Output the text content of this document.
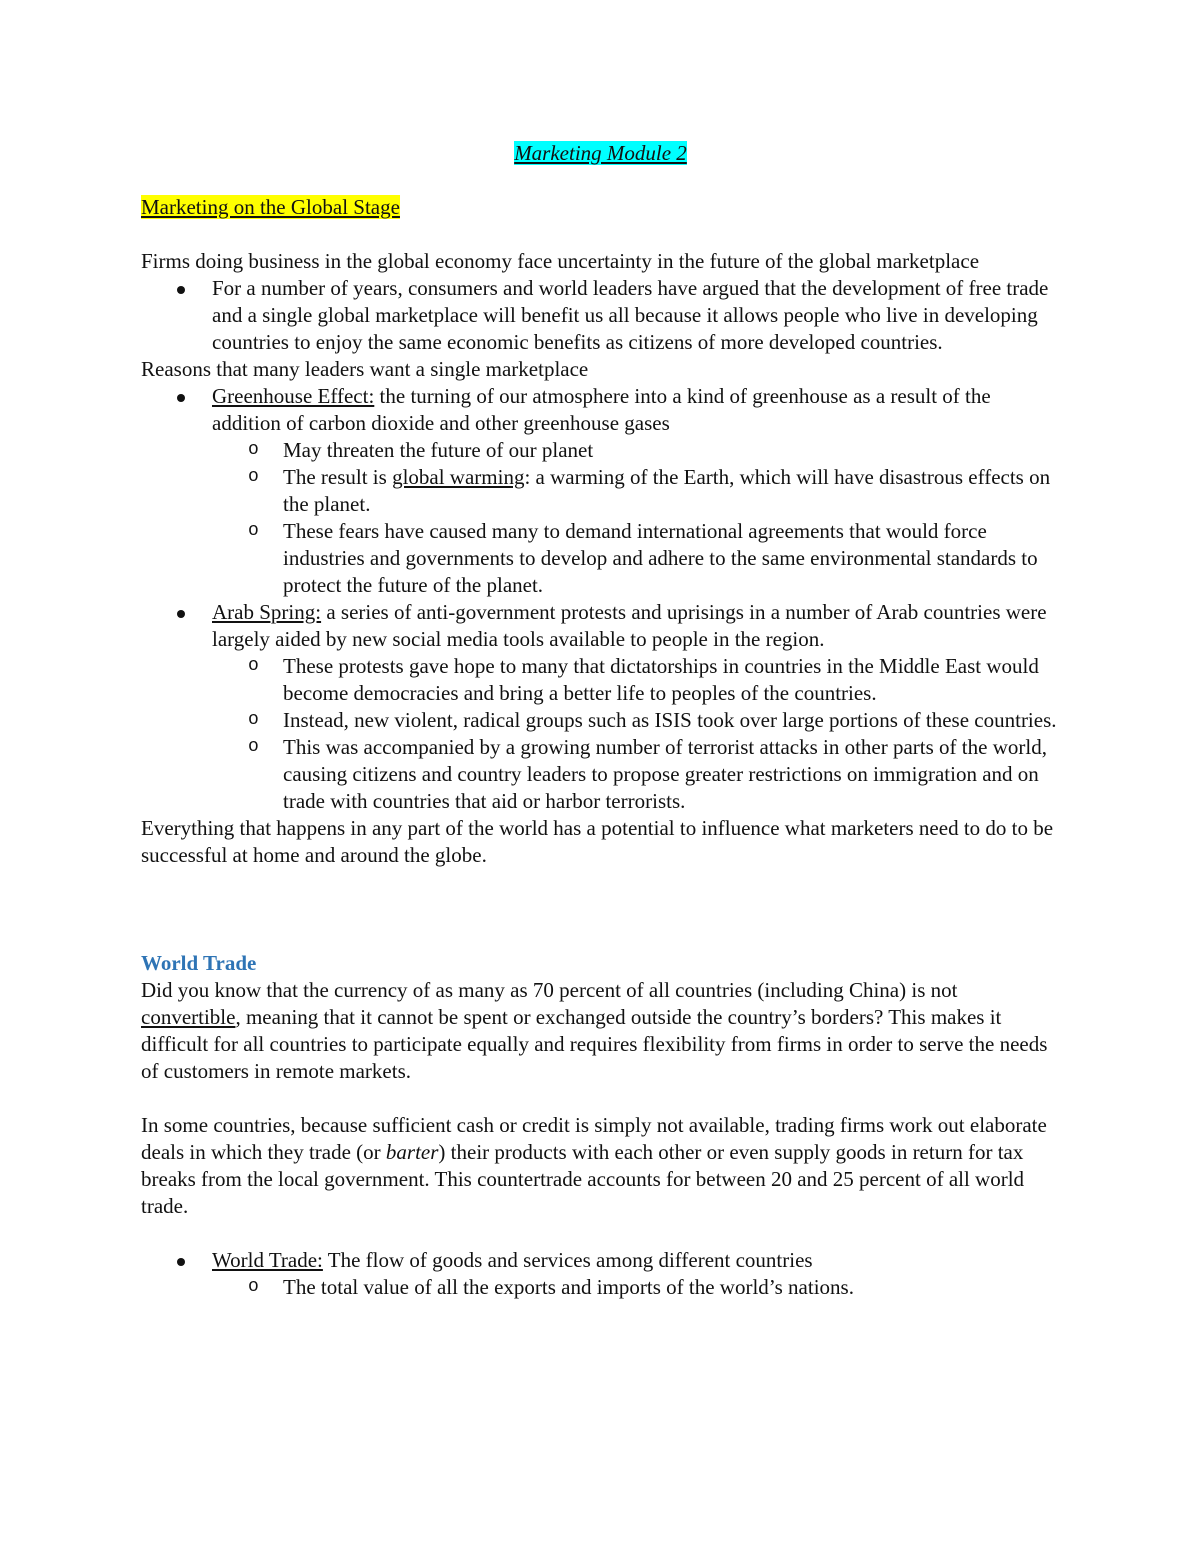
Marketing Module 2
Marketing on the Global Stage

Firms doing business in the global economy face uncertainty in the future of the global marketplace

For a number of years, consumers and world leaders have argued that the development of free trade and a single global marketplace will benefit us all because it allows people who live in developing countries to enjoy the same economic benefits as citizens of more developed countries.

Reasons that many leaders want a single marketplace

Greenhouse Effect: the turning of our atmosphere into a kind of greenhouse as a result of the addition of carbon dioxide and other greenhouse gases
o May threaten the future of our planet
o The result is global warming: a warming of the Earth, which will have disastrous effects on the planet.
o These fears have caused many to demand international agreements that would force industries and governments to develop and adhere to the same environmental standards to protect the future of the planet.
Arab Spring: a series of anti-government protests and uprisings in a number of Arab countries were largely aided by new social media tools available to people in the region.
o These protests gave hope to many that dictatorships in countries in the Middle East would become democracies and bring a better life to peoples of the countries.
o Instead, new violent, radical groups such as ISIS took over large portions of these countries.
o This was accompanied by a growing number of terrorist attacks in other parts of the world, causing citizens and country leaders to propose greater restrictions on immigration and on trade with countries that aid or harbor terrorists.

Everything that happens in any part of the world has a potential to influence what marketers need to do to be successful at home and around the globe.

World Trade

Did you know that the currency of as many as 70 percent of all countries (including China) is not convertible, meaning that it cannot be spent or exchanged outside the country’s borders? This makes it difficult for all countries to participate equally and requires flexibility from firms in order to serve the needs of customers in remote markets.

In some countries, because sufficient cash or credit is simply not available, trading firms work out elaborate deals in which they trade (or barter) their products with each other or even supply goods in return for tax breaks from the local government. This countertrade accounts for between 20 and 25 percent of all world trade.

World Trade: The flow of goods and services among different countries
o The total value of all the exports and imports of the world’s nations.
